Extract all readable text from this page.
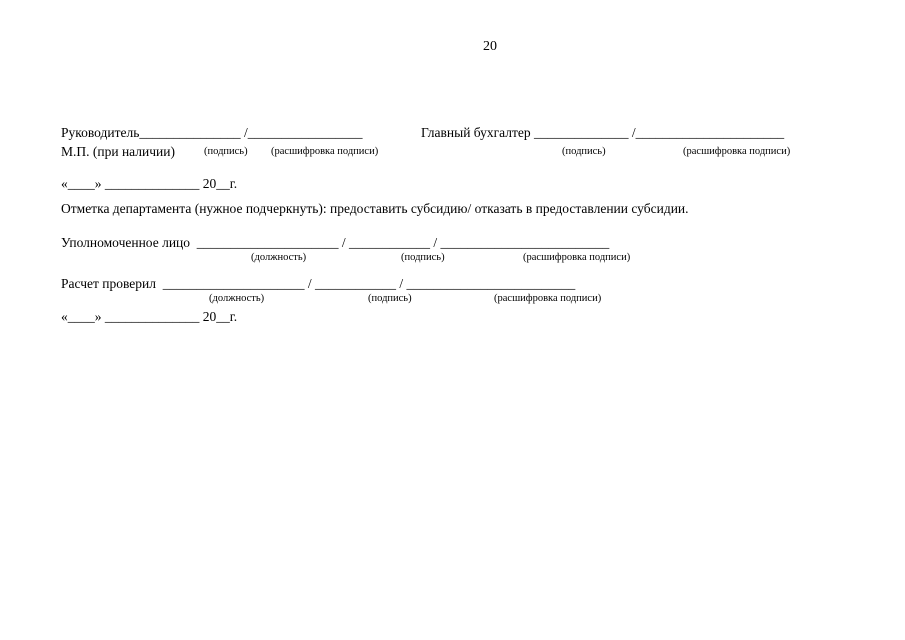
20
Руководитель_______________ /_________________	Главный бухгалтер ______________ /______________________
М.П. (при наличии)	(подпись) (расшифровка подписи)	(подпись)	(расшифровка подписи)
«____» ______________ 20__г.
Отметка департамента (нужное подчеркнуть): предоставить субсидию/ отказать в предоставлении субсидии.
Уполномоченное лицо  _____________________ / ____________ / _________________________
(должность)	(подпись)	(расшифровка подписи)
Расчет проверил  _____________________ / ____________ / _________________________
(должность)	(подпись)	(расшифровка подписи)
«____» ______________ 20__г.
